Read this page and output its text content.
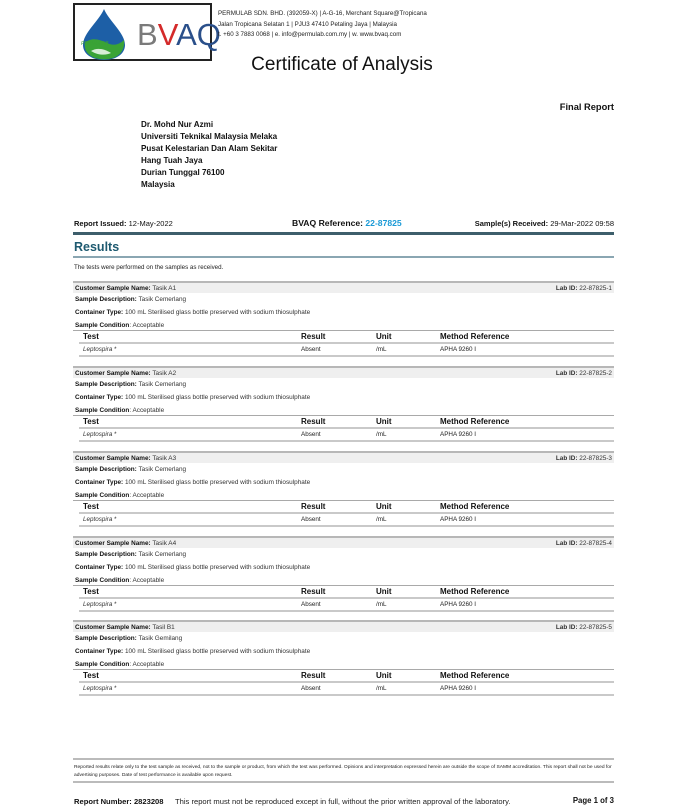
PERMULAB BVAQ
PERMULAB SDN. BHD. (392059-X) | A-G-16, Merchant Square@Tropicana
Jalan Tropicana Selatan 1 | PJU3 47410 Petaling Jaya | Malaysia
t. +60 3 7883 0068 | e. info@permulab.com.my | w. www.bvaq.com
Certificate of Analysis
Final Report
Dr. Mohd Nur Azmi
Universiti Teknikal Malaysia Melaka
Pusat Kelestarian Dan Alam Sekitar
Hang Tuah Jaya
Durian Tunggal 76100
Malaysia
Report Issued: 12-May-2022	BVAQ Reference: 22-87825	Sample(s) Received: 29-Mar-2022 09:58
Results
The tests were performed on the samples as received.
Customer Sample Name: Tasik A1	Lab ID: 22-87825-1
Sample Description: Tasik Cemerlang
Container Type: 100 mL Sterilised glass bottle preserved with sodium thiosulphate
Sample Condition: Acceptable
Test	Result	Unit	Method Reference
Leptospira *	Absent	/mL	APHA 9260 I
Customer Sample Name: Tasik A2	Lab ID: 22-87825-2
Sample Description: Tasik Cemerlang
Container Type: 100 mL Sterilised glass bottle preserved with sodium thiosulphate
Sample Condition: Acceptable
Test	Result	Unit	Method Reference
Leptospira *	Absent	/mL	APHA 9260 I
Customer Sample Name: Tasik A3	Lab ID: 22-87825-3
Sample Description: Tasik Cemerlang
Container Type: 100 mL Sterilised glass bottle preserved with sodium thiosulphate
Sample Condition: Acceptable
Test	Result	Unit	Method Reference
Leptospira *	Absent	/mL	APHA 9260 I
Customer Sample Name: Tasik A4	Lab ID: 22-87825-4
Sample Description: Tasik Cemerlang
Container Type: 100 mL Sterilised glass bottle preserved with sodium thiosulphate
Sample Condition: Acceptable
Test	Result	Unit	Method Reference
Leptospira *	Absent	/mL	APHA 9260 I
Customer Sample Name: Tasil B1	Lab ID: 22-87825-5
Sample Description: Tasik Gemilang
Container Type: 100 mL Sterilised glass bottle preserved with sodium thiosulphate
Sample Condition: Acceptable
Test	Result	Unit	Method Reference
Leptospira *	Absent	/mL	APHA 9260 I
Reported results relate only to the test sample as received, not to the sample or product, from which the test was performed. Opinions and interpretation expressed herein are outside the scope of SAMM accreditation. This report shall not be used for advertising purposes. Date of test performance is available upon request.
Report Number: 2823208 This report must not be reproduced except in full, without the prior written approval of the laboratory.	Page 1 of 3
